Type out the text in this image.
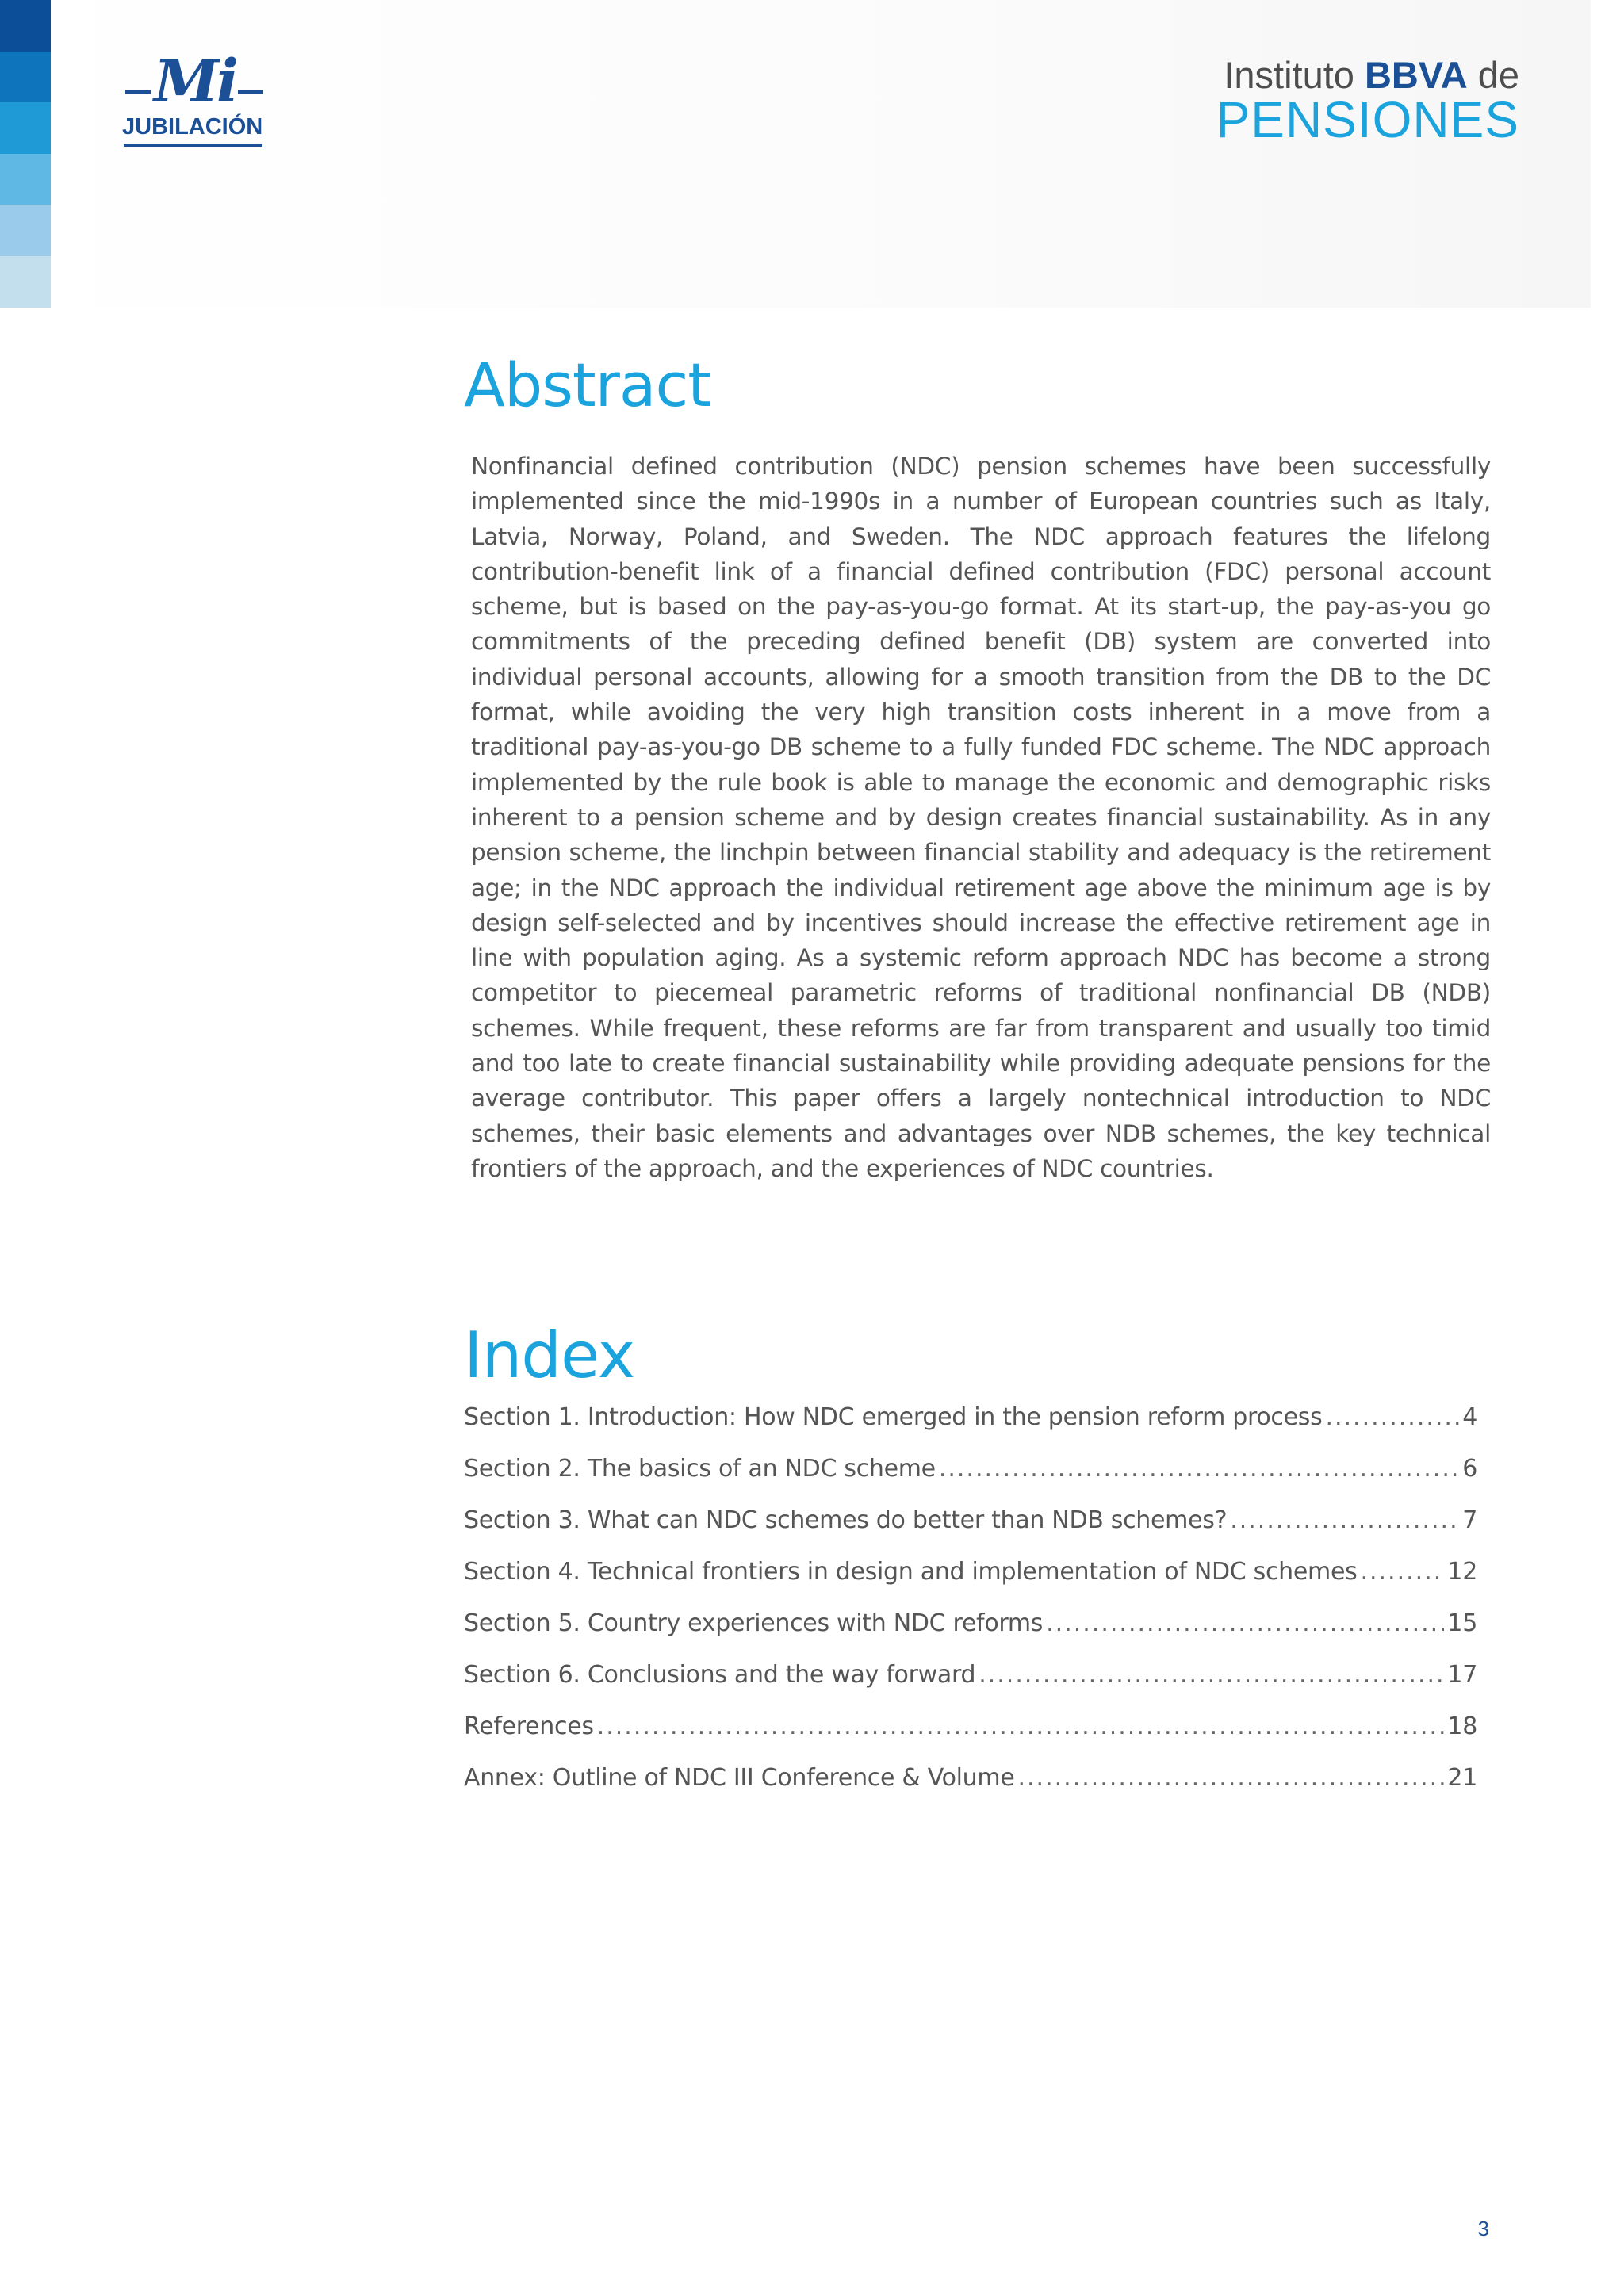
Mi
JUBILACIÓN
Instituto BBVA de
PENSIONES
Abstract

Nonfinancial defined contribution (NDC) pension schemes have been successfully implemented since the mid-1990s in a number of European countries such as Italy, Latvia, Norway, Poland, and Sweden. The NDC approach features the lifelong contribution-benefit link of a financial defined contribution (FDC) personal account scheme, but is based on the pay-as-you-go format. At its start-up, the pay-as-you go commitments of the preceding defined benefit (DB) system are converted into individual personal accounts, allowing for a smooth transition from the DB to the DC format, while avoiding the very high transition costs inherent in a move from a traditional pay-as-you-go DB scheme to a fully funded FDC scheme. The NDC approach implemented by the rule book is able to manage the economic and demographic risks inherent to a pension scheme and by design creates financial sustainability. As in any pension scheme, the linchpin between financial stability and adequacy is the retirement age; in the NDC approach the individual retirement age above the minimum age is by design self-selected and by incentives should increase the effective retirement age in line with population aging. As a systemic reform approach NDC has become a strong competitor to piecemeal parametric reforms of traditional nonfinancial DB (NDB) schemes. While frequent, these reforms are far from transparent and usually too timid and too late to create financial sustainability while providing adequate pensions for the average contributor. This paper offers a largely nontechnical introduction to NDC schemes, their basic elements and advantages over NDB schemes, the key technical frontiers of the approach, and the experiences of NDC countries.

Index
Section 1. Introduction: How NDC emerged in the pension reform process .....	4
Section 2. The basics of an NDC scheme .....	6
Section 3. What can NDC schemes do better than NDB schemes? .....	7
Section 4. Technical frontiers in design and implementation of NDC schemes .....	12
Section 5. Country experiences with NDC reforms .....	15
Section 6. Conclusions and the way forward .....	17
References .....	18
Annex: Outline of NDC III Conference & Volume .....	21
3
